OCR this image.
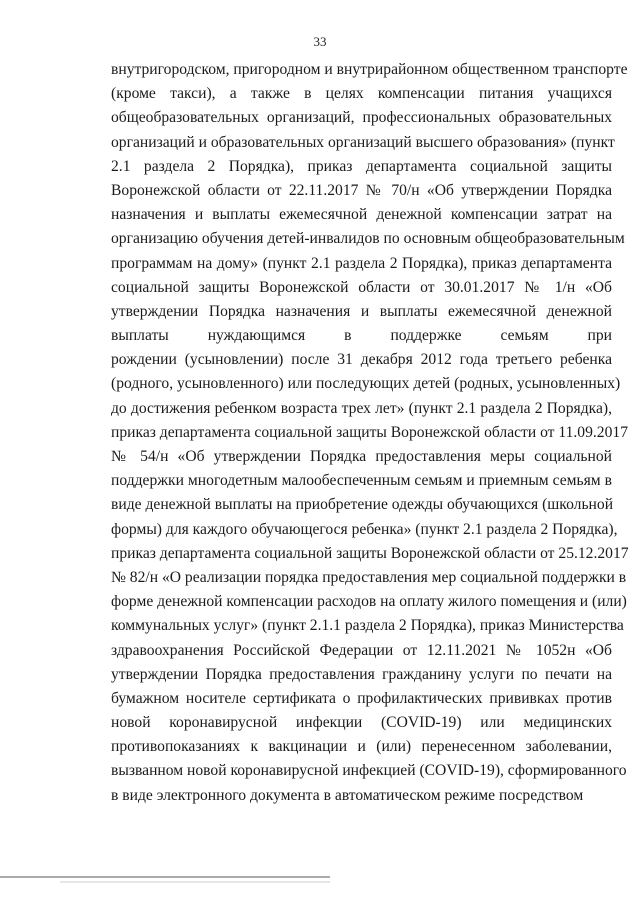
33
внутригородском, пригородном и внутрирайонном общественном транспорте
(кроме такси), а также в целях компенсации питания учащихся
общеобразовательных организаций, профессиональных образовательных
организаций и образовательных организаций высшего образования» (пункт
2.1 раздела 2 Порядка), приказ департамента социальной защиты
Воронежской области от 22.11.2017 № 70/н «Об утверждении Порядка
назначения и выплаты ежемесячной денежной компенсации затрат на
организацию обучения детей-инвалидов по основным общеобразовательным
программам на дому» (пункт 2.1 раздела 2 Порядка), приказ департамента
социальной защиты Воронежской области от 30.01.2017 № 1/н «Об
утверждении Порядка назначения и выплаты ежемесячной денежной
выплаты нуждающимся в поддержке семьям при
рождении (усыновлении) после 31 декабря 2012 года третьего ребенка
(родного, усыновленного) или последующих детей (родных, усыновленных)
до достижения ребенком возраста трех лет» (пункт 2.1 раздела 2 Порядка),
приказ департамента социальной защиты Воронежской области от 11.09.2017
№ 54/н «Об утверждении Порядка предоставления меры социальной
поддержки многодетным малообеспеченным семьям и приемным семьям в
виде денежной выплаты на приобретение одежды обучающихся (школьной
формы) для каждого обучающегося ребенка» (пункт 2.1 раздела 2 Порядка),
приказ департамента социальной защиты Воронежской области от 25.12.2017
№ 82/н «О реализации порядка предоставления мер социальной поддержки в
форме денежной компенсации расходов на оплату жилого помещения и (или)
коммунальных услуг» (пункт 2.1.1 раздела 2 Порядка), приказ Министерства
здравоохранения Российской Федерации от 12.11.2021 № 1052н «Об
утверждении Порядка предоставления гражданину услуги по печати на
бумажном носителе сертификата о профилактических прививках против
новой коронавирусной инфекции (COVID-19) или медицинских
противопоказаниях к вакцинации и (или) перенесенном заболевании,
вызванном новой коронавирусной инфекцией (COVID-19), сформированного
в виде электронного документа в автоматическом режиме посредством
